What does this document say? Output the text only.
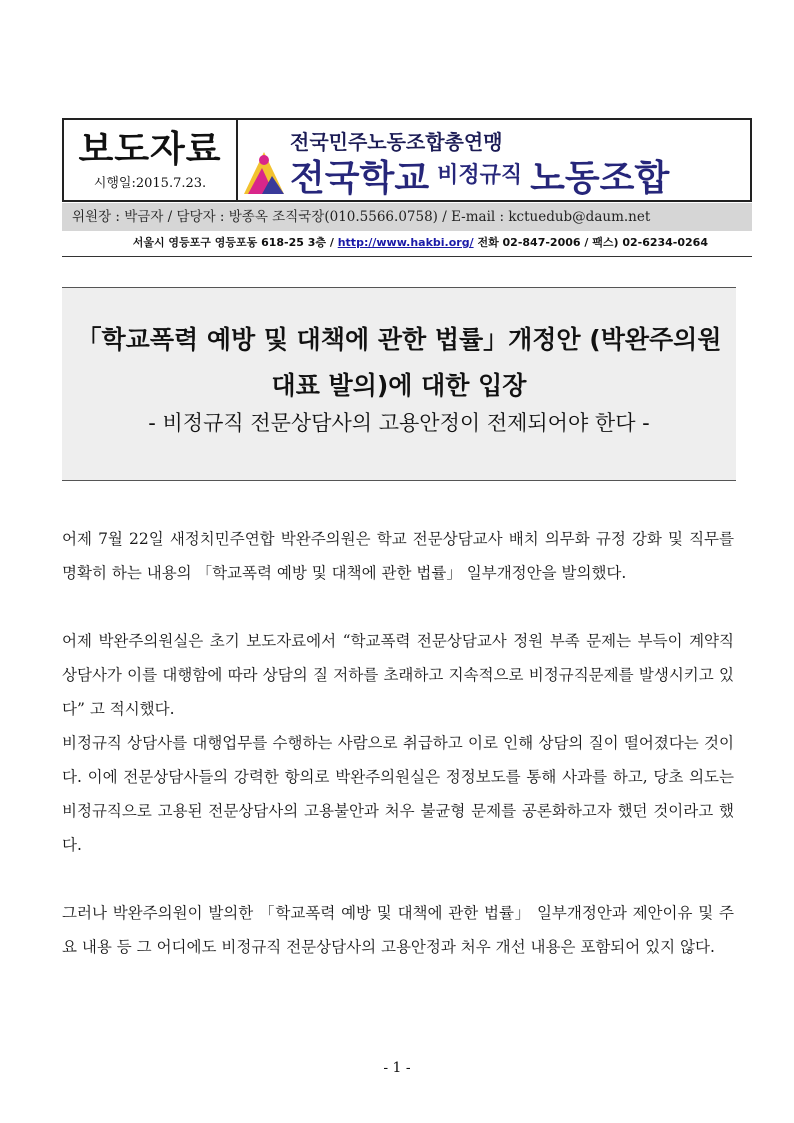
보도자료
시행일:2015.7.23.
전국민주노동조합총연맹
전국학교 $^{비정규직}$ 노동조합
위원장 : 박금자 / 담당자 : 방종옥 조직국장(010.5566.0758) / E-mail : kctuedub@daum.net
서울시 영등포구 영등포동 618-25 3층 / http://www.hakbi.org/ 전화 02-847-2006 / 팩스) 02-6234-0264
「학교폭력 예방 및 대책에 관한 법률」개정안 (박완주의원
대표 발의)에 대한 입장
- 비정규직 전문상담사의 고용안정이 전제되어야 한다 -

어제 7월 22일 새정치민주연합 박완주의원은 학교 전문상담교사 배치 의무화 규정 강화 및 직무를 명확히 하는 내용의 「학교폭력 예방 및 대책에 관한 법률」 일부개정안을 발의했다.

어제 박완주의원실은 초기 보도자료에서 “학교폭력 전문상담교사 정원 부족 문제는 부득이 계약직 상담사가 이를 대행함에 따라 상담의 질 저하를 초래하고 지속적으로 비정규직문제를 발생시키고 있다” 고 적시했다.

비정규직 상담사를 대행업무를 수행하는 사람으로 취급하고 이로 인해 상담의 질이 떨어졌다는 것이다. 이에 전문상담사들의 강력한 항의로 박완주의원실은 정정보도를 통해 사과를 하고, 당초 의도는 비정규직으로 고용된 전문상담사의 고용불안과 처우 불균형 문제를 공론화하고자 했던 것이라고 했다.

그러나 박완주의원이 발의한 「학교폭력 예방 및 대책에 관한 법률」 일부개정안과 제안이유 및 주요 내용 등 그 어디에도 비정규직 전문상담사의 고용안정과 처우 개선 내용은 포함되어 있지 않다.

- 1 -
